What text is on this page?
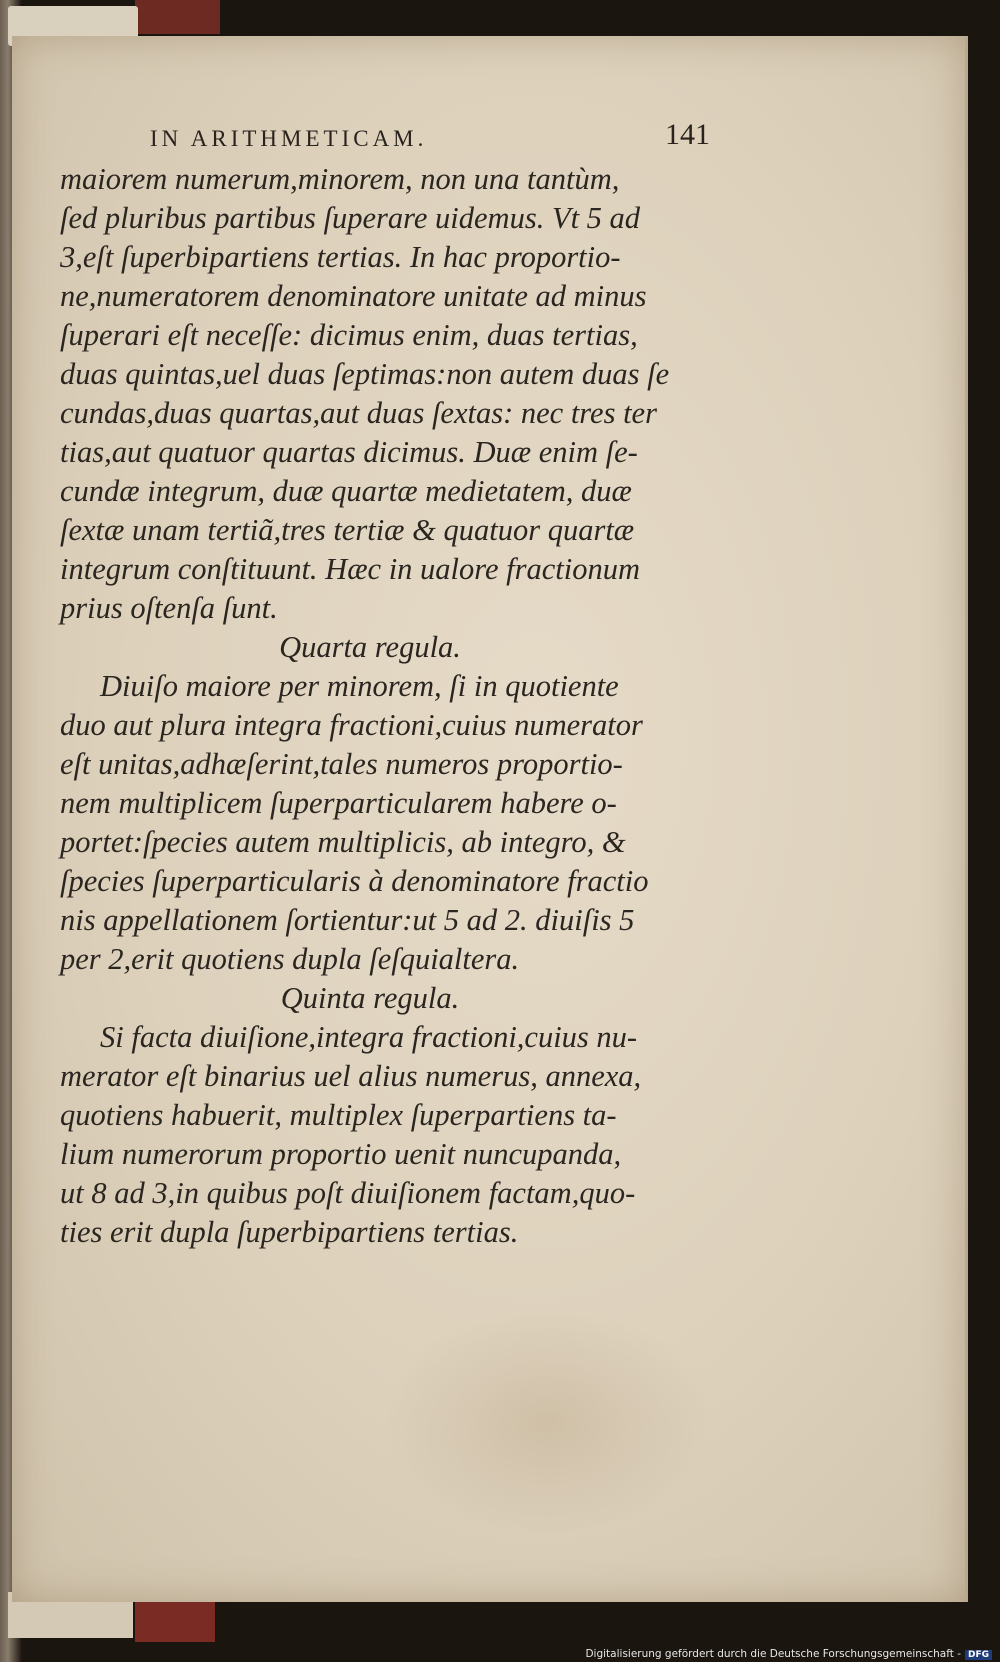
IN ARITHMETICAM.	141
maiorem numerum,minorem, non una tantùm,
ſed pluribus partibus ſuperare uidemus. Vt 5 ad
3,eſt ſuperbipartiens tertias. In hac proportio-
ne,numeratorem denominatore unitate ad minus
ſuperari eſt neceſſe: dicimus enim, duas tertias,
duas quintas,uel duas ſeptimas:non autem duas ſe
cundas,duas quartas,aut duas ſextas: nec tres ter
tias,aut quatuor quartas dicimus. Duæ enim ſe-
cundæ integrum, duæ quartæ medietatem, duæ
ſextæ unam tertiã,tres tertiæ & quatuor quartæ
integrum conſtituunt. Hæc in ualore fractionum
prius oſtenſa ſunt.
Quarta regula.
Diuiſo maiore per minorem, ſi in quotiente
duo aut plura integra fractioni,cuius numerator
eſt unitas,adhæſerint,tales numeros proportio-
nem multiplicem ſuperparticularem habere o-
portet:ſpecies autem multiplicis, ab integro, &
ſpecies ſuperparticularis à denominatore fractio
nis appellationem ſortientur:ut 5 ad 2. diuiſis 5
per 2,erit quotiens dupla ſeſquialtera.
Quinta regula.
Si facta diuiſione,integra fractioni,cuius nu-
merator eſt binarius uel alius numerus, annexa,
quotiens habuerit, multiplex ſuperpartiens ta-
lium numerorum proportio uenit nuncupanda,
ut 8 ad 3,in quibus poſt diuiſionem factam,quo-
ties erit dupla ſuperbipartiens tertias.
Digitalisierung gefördert durch die Deutsche Forschungsgemeinschaft - DFG
